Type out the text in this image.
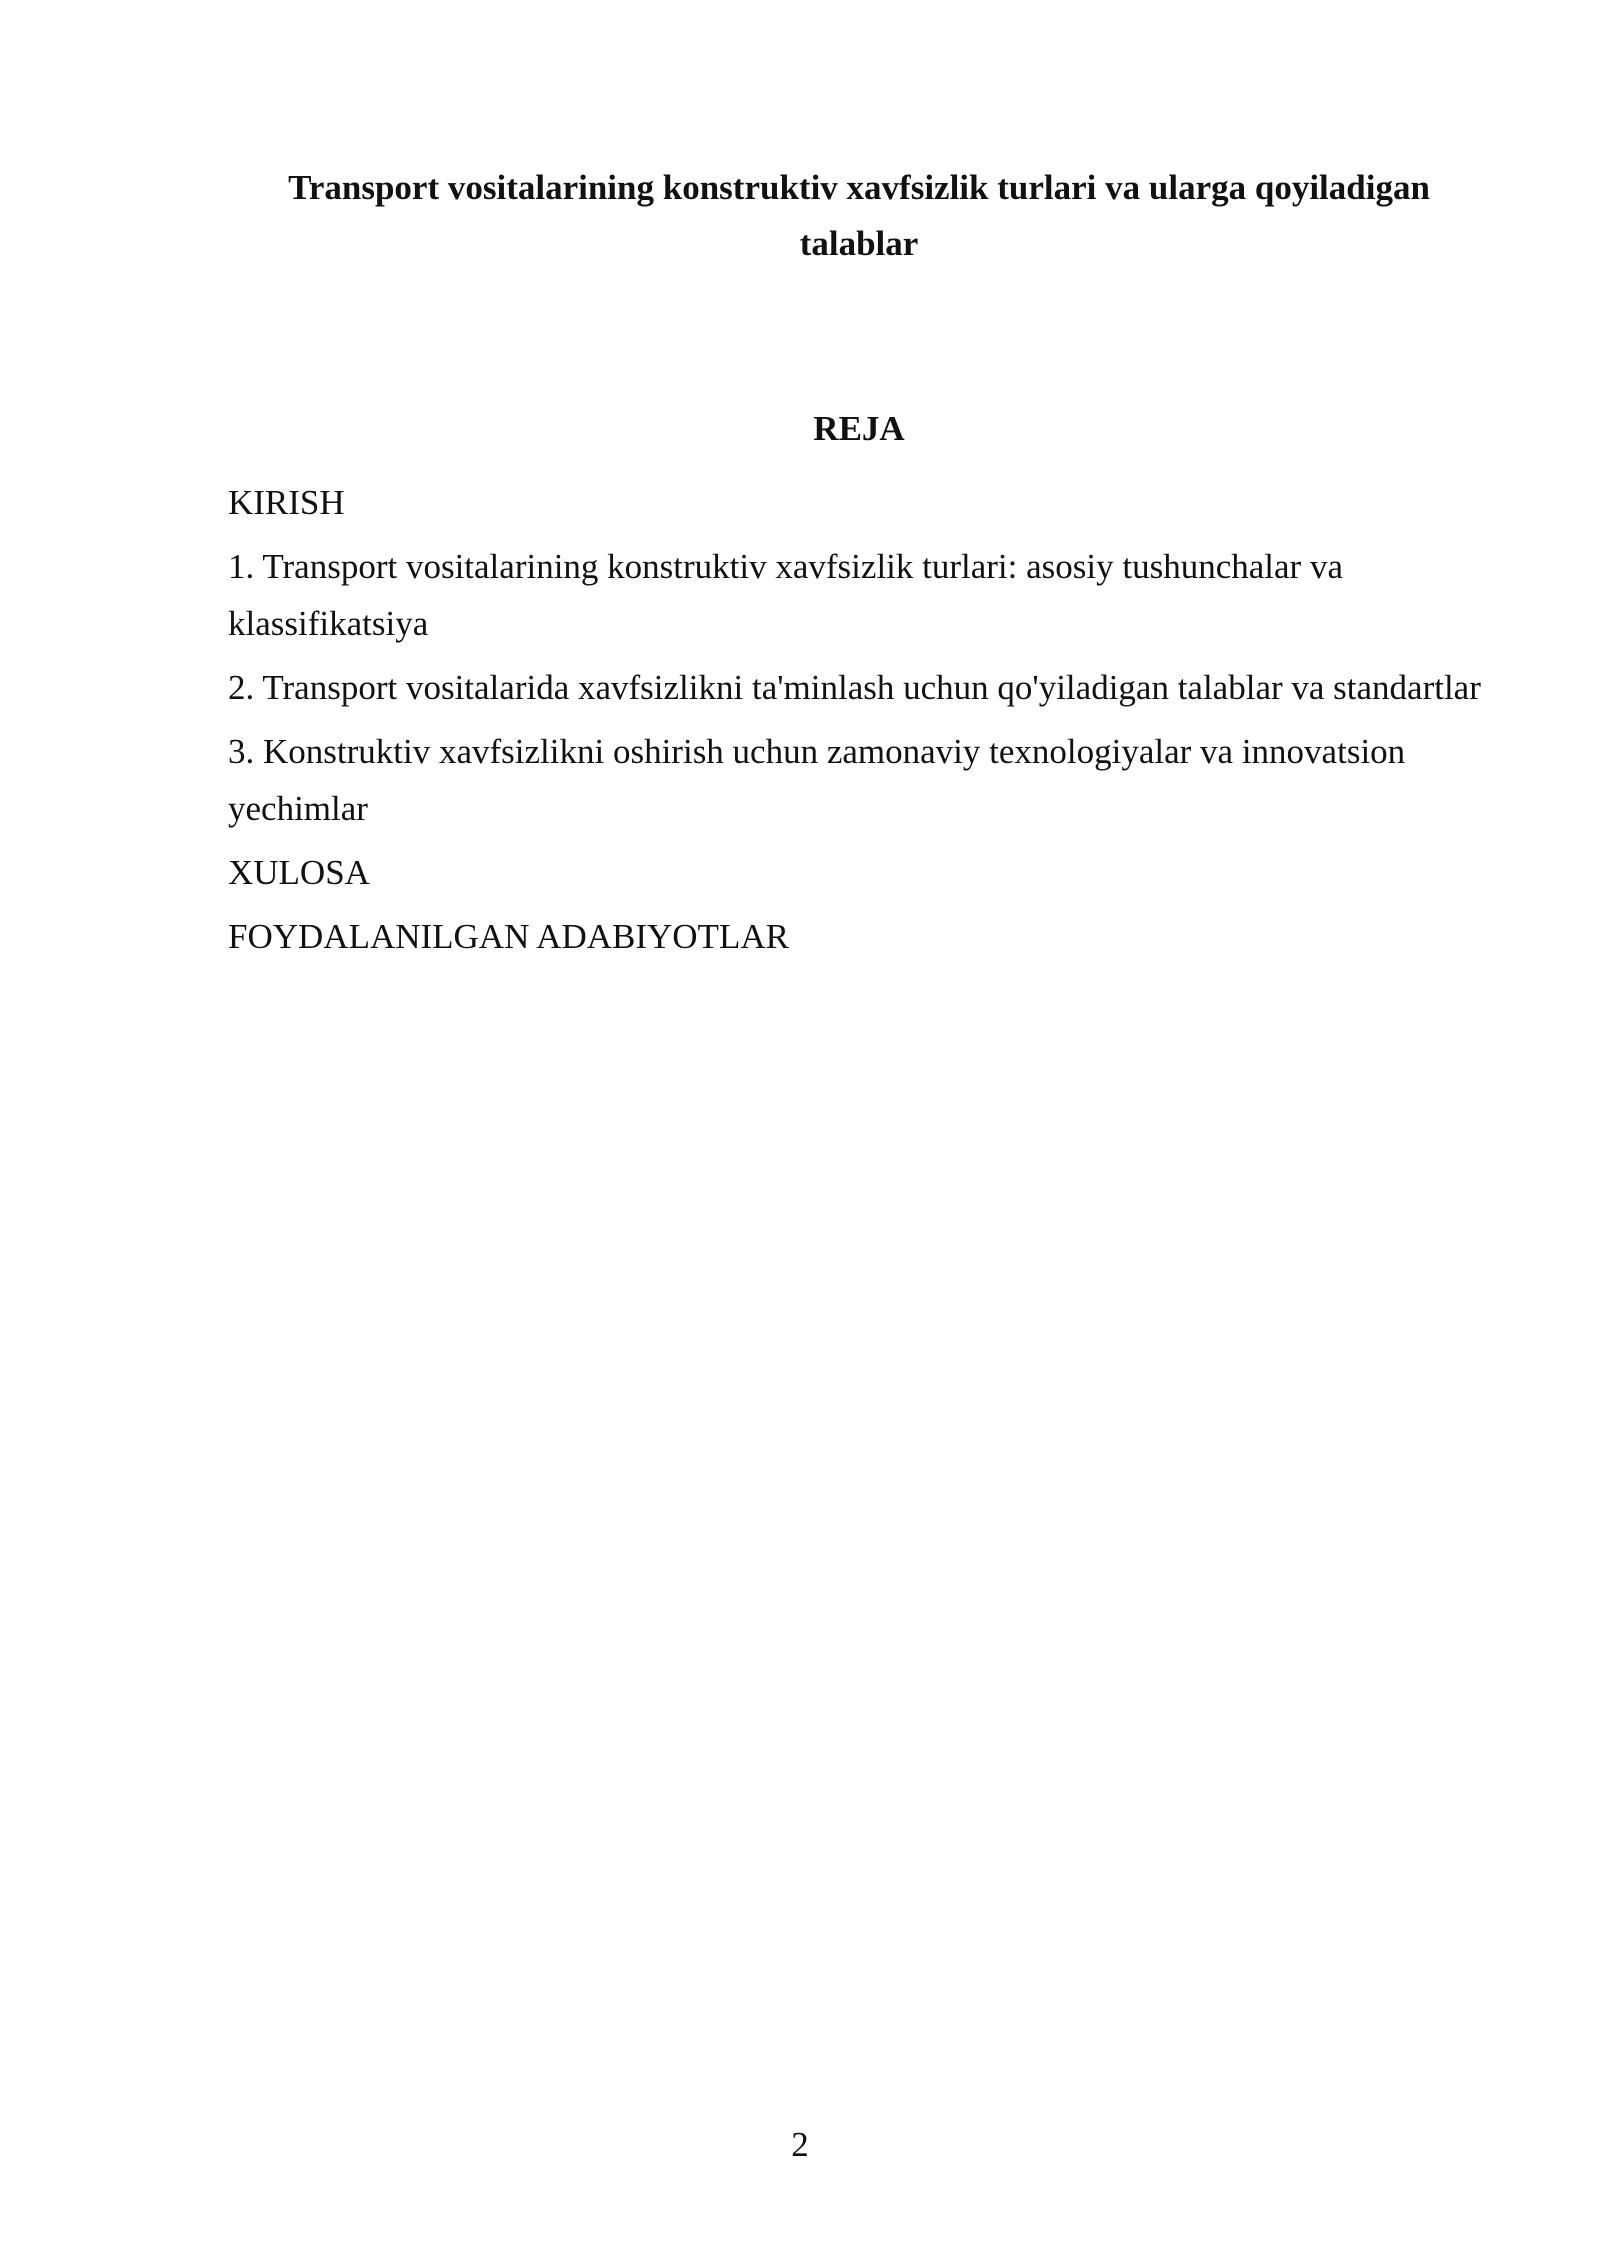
Transport vositalarining konstruktiv xavfsizlik turlari va ularga qoyiladigan talablar
REJA
KIRISH
1. Transport vositalarining konstruktiv xavfsizlik turlari: asosiy tushunchalar va klassifikatsiya
2. Transport vositalarida xavfsizlikni ta'minlash uchun qo'yiladigan talablar va standartlar
3. Konstruktiv xavfsizlikni oshirish uchun zamonaviy texnologiyalar va innovatsion yechimlar
XULOSA
FOYDALANILGAN ADABIYOTLAR
2
